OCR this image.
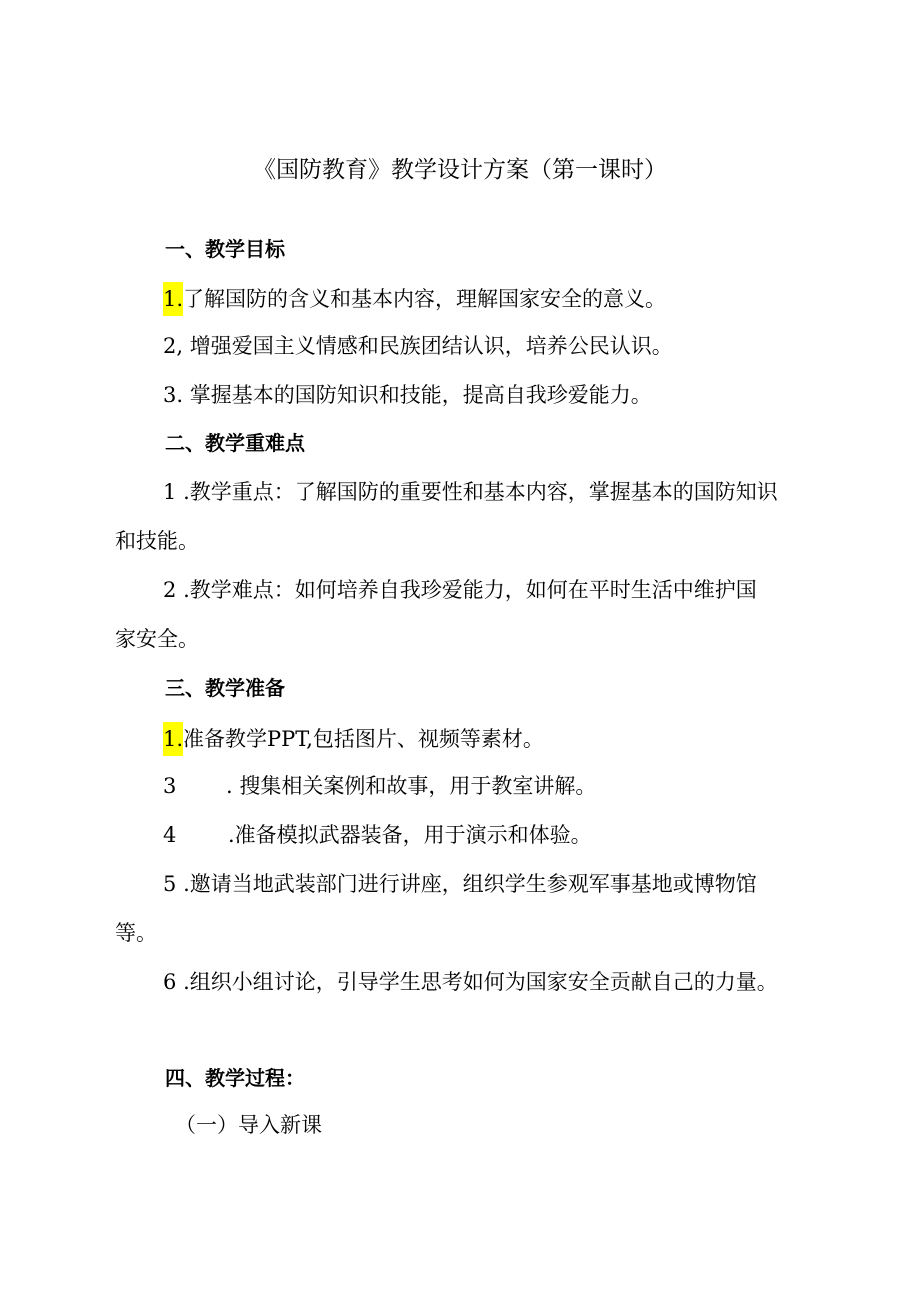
《国防教育》教学设计方案（第一课时）
一、教学目标
1.了解国防的含义和基本内容，理解国家安全的意义。
2, 增强爱国主义情感和民族团结认识，培养公民认识。
3. 掌握基本的国防知识和技能，提高自我珍爱能力。
二、教学重难点
1 .教学重点：了解国防的重要性和基本内容，掌握基本的国防知识
和技能。
2 .教学难点：如何培养自我珍爱能力，如何在平时生活中维护国
家安全。
三、教学准备
1.准备教学PPT,包括图片、视频等素材。
3 . 搜集相关案例和故事，用于教室讲解。
4 .准备模拟武器装备，用于演示和体验。
5 .邀请当地武装部门进行讲座，组织学生参观军事基地或博物馆
等。
6 .组织小组讨论，引导学生思考如何为国家安全贡献自己的力量。
四、教学过程：
（一）导入新课
